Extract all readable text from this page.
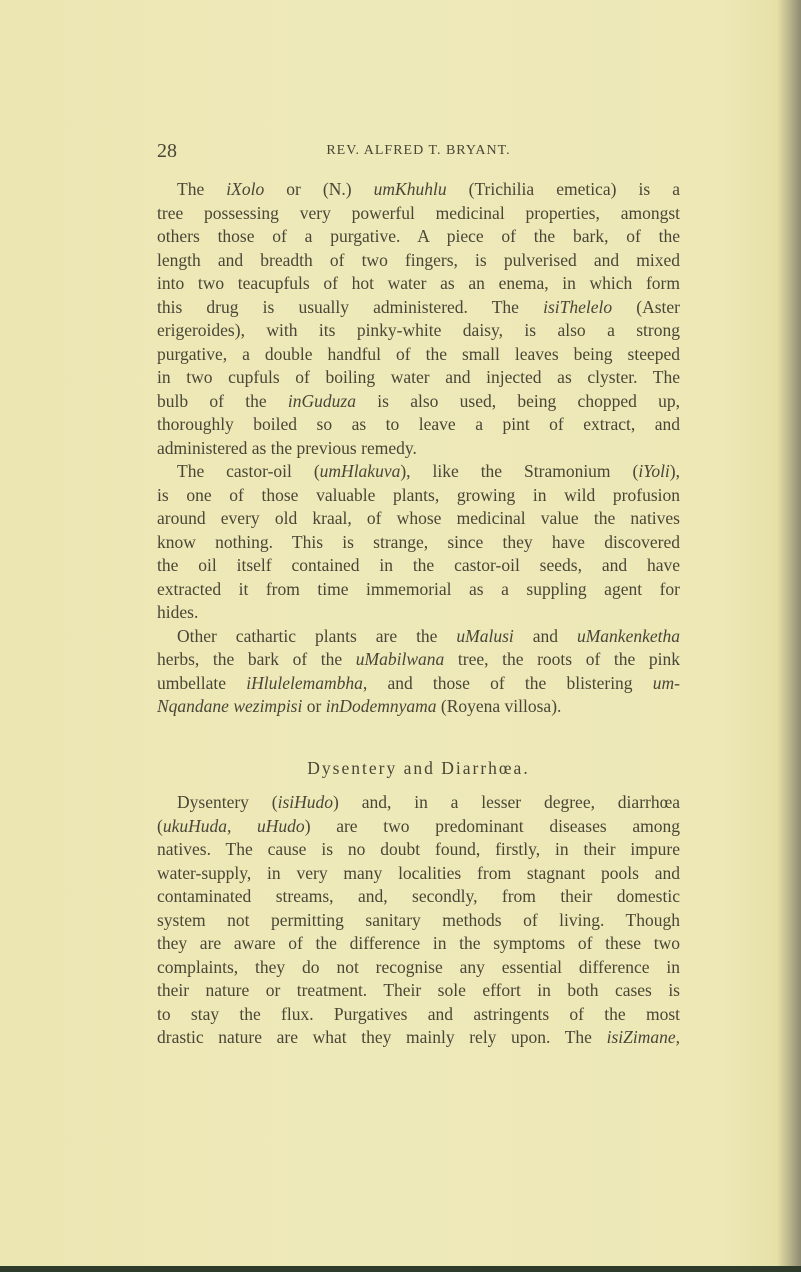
28	REV. ALFRED T. BRYANT.
The iXolo or (N.) umKhuhlu (Trichilia emetica) is a
tree possessing very powerful medicinal properties, amongst
others those of a purgative. A piece of the bark, of the
length and breadth of two fingers, is pulverised and mixed
into two teacupfuls of hot water as an enema, in which form
this drug is usually administered. The isiThelelo (Aster
erigeroides), with its pinky-white daisy, is also a strong
purgative, a double handful of the small leaves being steeped
in two cupfuls of boiling water and injected as clyster. The
bulb of the inGuduza is also used, being chopped up,
thoroughly boiled so as to leave a pint of extract, and
administered as the previous remedy.
The castor-oil (umHlakuva), like the Stramonium (iYoli),
is one of those valuable plants, growing in wild profusion
around every old kraal, of whose medicinal value the natives
know nothing. This is strange, since they have discovered
the oil itself contained in the castor-oil seeds, and have
extracted it from time immemorial as a suppling agent for
hides.
Other cathartic plants are the uMalusi and uMankenketha
herbs, the bark of the uMabilwana tree, the roots of the pink
umbellate iHlulelemambha, and those of the blistering um-
Nqandane wezimpisi or inDodemnyama (Royena villosa).
Dysentery and Diarrhœa.
Dysentery (isiHudo) and, in a lesser degree, diarrhœa
(ukuHuda, uHudo) are two predominant diseases among
natives. The cause is no doubt found, firstly, in their impure
water-supply, in very many localities from stagnant pools and
contaminated streams, and, secondly, from their domestic
system not permitting sanitary methods of living. Though
they are aware of the difference in the symptoms of these two
complaints, they do not recognise any essential difference in
their nature or treatment. Their sole effort in both cases is
to stay the flux. Purgatives and astringents of the most
drastic nature are what they mainly rely upon. The isiZimane,
